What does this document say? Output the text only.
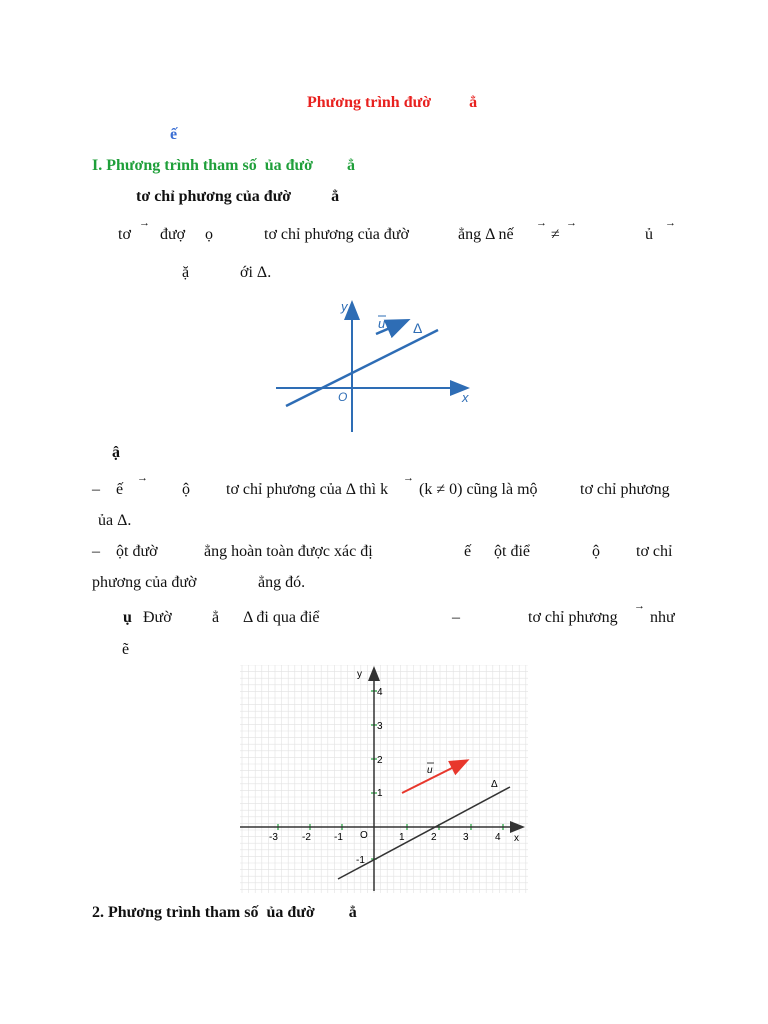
Phương trình đườ ẳ
ế
I. Phương trình tham số ủa đườ ẳ
tơ chỉ phương của đườ	ẳ
tơ
→
đượ ọ	tơ chỉ phương của đườ	ẳng Δ nế
→
≠
→
ủ
→
ặ	ới Δ.
y
x
O
u Δ
ậ
– ế
→
ộ tơ chỉ phương của Δ thì k
→
(k ≠ 0) cũng là mộ	tơ chỉ phương
ủa Δ.
– ột đườ	ẳng hoàn toàn được xác đị	ế ột điể	ộ tơ chỉ
phương của đườ	ẳng đó.
ụ Đườ	ẳ Δ đi qua điể	–	tơ chỉ phương
→
như
ẽ
-3 -2 -1	1	2	3	4
4
3
2
1
-1
O	x
y
u
Δ
2. Phương trình tham số ủa đườ ẳ
